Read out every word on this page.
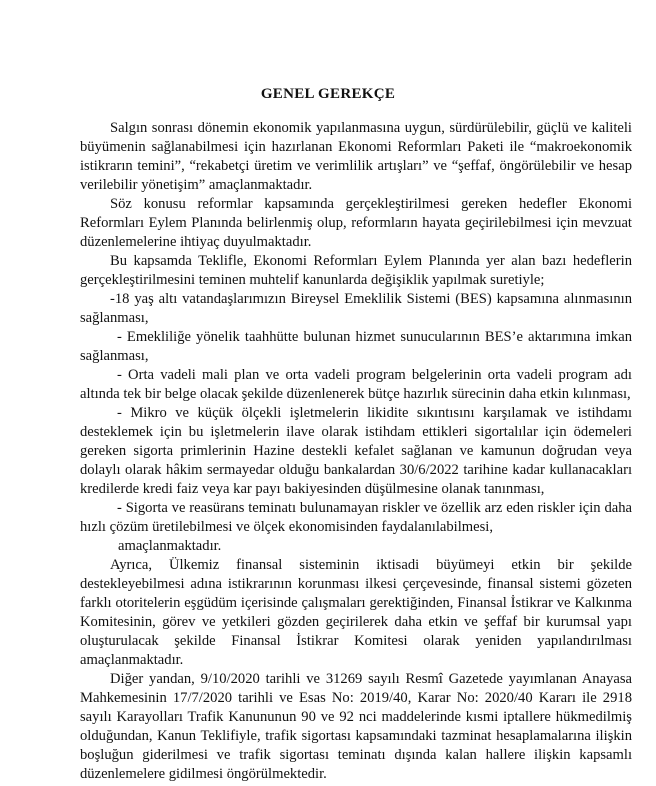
GENEL GEREKÇE

Salgın sonrası dönemin ekonomik yapılanmasına uygun, sürdürülebilir, güçlü ve kaliteli büyümenin sağlanabilmesi için hazırlanan Ekonomi Reformları Paketi ile “makroekonomik istikrarın temini”, “rekabetçi üretim ve verimlilik artışları” ve “şeffaf, öngörülebilir ve hesap verilebilir yönetişim” amaçlanmaktadır.

Söz konusu reformlar kapsamında gerçekleştirilmesi gereken hedefler Ekonomi Reformları Eylem Planında belirlenmiş olup, reformların hayata geçirilebilmesi için mevzuat düzenlemelerine ihtiyaç duyulmaktadır.

Bu kapsamda Teklifle, Ekonomi Reformları Eylem Planında yer alan bazı hedeflerin gerçekleştirilmesini teminen muhtelif kanunlarda değişiklik yapılmak suretiyle;

-18 yaş altı vatandaşlarımızın Bireysel Emeklilik Sistemi (BES) kapsamına alınmasının sağlanması,

- Emekliliğe yönelik taahhütte bulunan hizmet sunucularının BES’e aktarımına imkan sağlanması,

- Orta vadeli mali plan ve orta vadeli program belgelerinin orta vadeli program adı altında tek bir belge olacak şekilde düzenlenerek bütçe hazırlık sürecinin daha etkin kılınması,

- Mikro ve küçük ölçekli işletmelerin likidite sıkıntısını karşılamak ve istihdamı desteklemek için bu işletmelerin ilave olarak istihdam ettikleri sigortalılar için ödemeleri gereken sigorta primlerinin Hazine destekli kefalet sağlanan ve kamunun doğrudan veya dolaylı olarak hâkim sermayedar olduğu bankalardan 30/6/2022 tarihine kadar kullanacakları kredilerde kredi faiz veya kar payı bakiyesinden düşülmesine olanak tanınması,

- Sigorta ve reasürans teminatı bulunamayan riskler ve özellik arz eden riskler için daha hızlı çözüm üretilebilmesi ve ölçek ekonomisinden faydalanılabilmesi,

amaçlanmaktadır.

Ayrıca, Ülkemiz finansal sisteminin iktisadi büyümeyi etkin bir şekilde destekleyebilmesi adına istikrarının korunması ilkesi çerçevesinde, finansal sistemi gözeten farklı otoritelerin eşgüdüm içerisinde çalışmaları gerektiğinden, Finansal İstikrar ve Kalkınma Komitesinin, görev ve yetkileri gözden geçirilerek daha etkin ve şeffaf bir kurumsal yapı oluşturulacak şekilde Finansal İstikrar Komitesi olarak yeniden yapılandırılması amaçlanmaktadır.

Diğer yandan, 9/10/2020 tarihli ve 31269 sayılı Resmî Gazetede yayımlanan Anayasa Mahkemesinin 17/7/2020 tarihli ve Esas No: 2019/40, Karar No: 2020/40 Kararı ile 2918 sayılı Karayolları Trafik Kanununun 90 ve 92 nci maddelerinde kısmi iptallere hükmedilmiş olduğundan, Kanun Teklifiyle, trafik sigortası kapsamındaki tazminat hesaplamalarına ilişkin boşluğun giderilmesi ve trafik sigortası teminatı dışında kalan hallere ilişkin kapsamlı düzenlemelere gidilmesi öngörülmektedir.
